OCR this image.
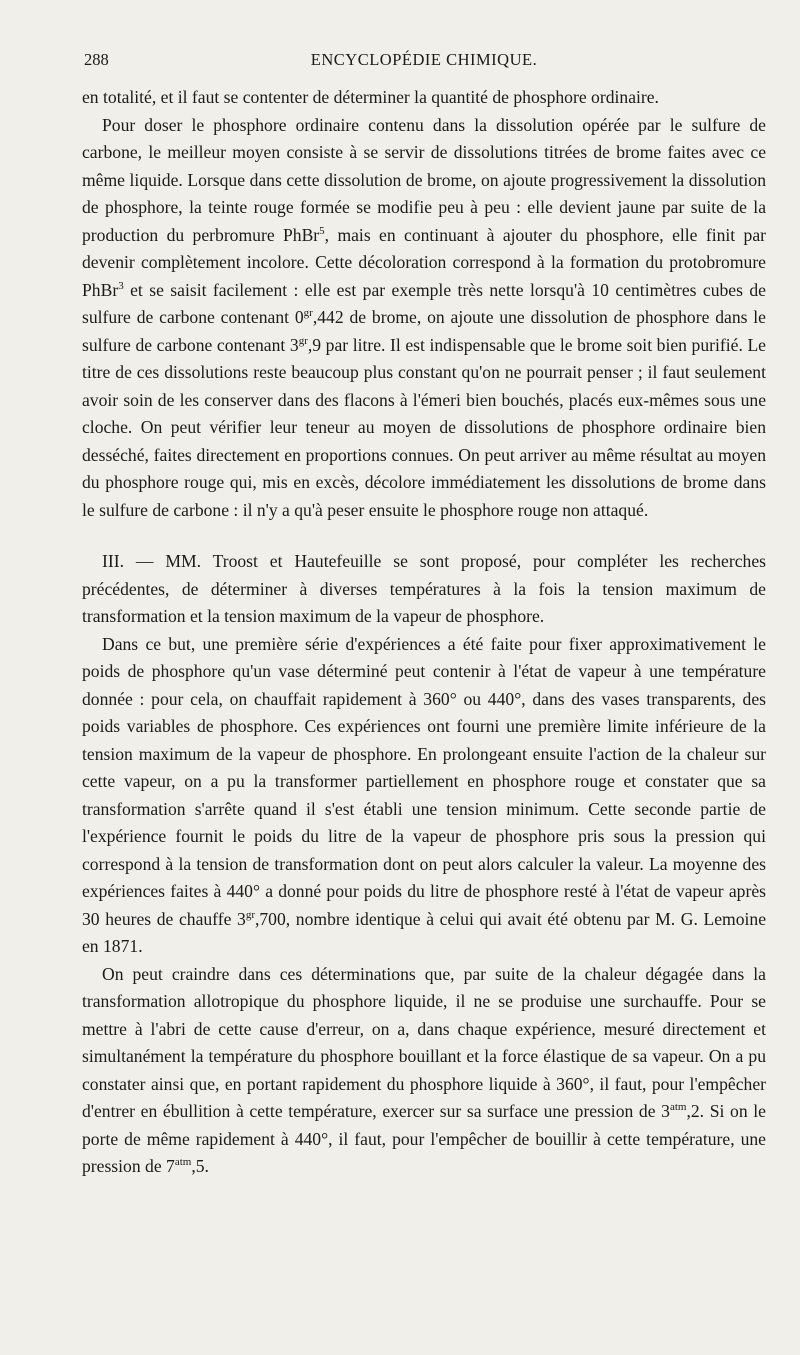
288	ENCYCLOPÉDIE CHIMIQUE.

en totalité, et il faut se contenter de déterminer la quantité de phosphore ordinaire.

Pour doser le phosphore ordinaire contenu dans la dissolution opérée par le sulfure de carbone, le meilleur moyen consiste à se servir de dissolutions titrées de brome faites avec ce même liquide. Lorsque dans cette dissolution de brome, on ajoute progressivement la dissolution de phosphore, la teinte rouge formée se modifie peu à peu : elle devient jaune par suite de la production du perbromure PhBr$^5$, mais en continuant à ajouter du phosphore, elle finit par devenir complètement incolore. Cette décoloration correspond à la formation du protobromure PhBr$^3$ et se saisit facilement : elle est par exemple très nette lorsqu'à 10 centimètres cubes de sulfure de carbone contenant $0^{gr},442$ de brome, on ajoute une dissolution de phosphore dans le sulfure de carbone contenant $3^{gr},9$ par litre. Il est indispensable que le brome soit bien purifié. Le titre de ces dissolutions reste beaucoup plus constant qu'on ne pourrait penser ; il faut seulement avoir soin de les conserver dans des flacons à l'émeri bien bouchés, placés eux-mêmes sous une cloche. On peut vérifier leur teneur au moyen de dissolutions de phosphore ordinaire bien desséché, faites directement en proportions connues. On peut arriver au même résultat au moyen du phosphore rouge qui, mis en excès, décolore immédiatement les dissolutions de brome dans le sulfure de carbone : il n'y a qu'à peser ensuite le phosphore rouge non attaqué.

III. — MM. Troost et Hautefeuille se sont proposé, pour compléter les recherches précédentes, de déterminer à diverses températures à la fois la tension maximum de transformation et la tension maximum de la vapeur de phosphore.

Dans ce but, une première série d'expériences a été faite pour fixer approximativement le poids de phosphore qu'un vase déterminé peut contenir à l'état de vapeur à une température donnée : pour cela, on chauffait rapidement à 360° ou 440°, dans des vases transparents, des poids variables de phosphore. Ces expériences ont fourni une première limite inférieure de la tension maximum de la vapeur de phosphore. En prolongeant ensuite l'action de la chaleur sur cette vapeur, on a pu la transformer partiellement en phosphore rouge et constater que sa transformation s'arrête quand il s'est établi une tension minimum. Cette seconde partie de l'expérience fournit le poids du litre de la vapeur de phosphore pris sous la pression qui correspond à la tension de transformation dont on peut alors calculer la valeur. La moyenne des expériences faites à 440° a donné pour poids du litre de phosphore resté à l'état de vapeur après 30 heures de chauffe $3^{gr},700$, nombre identique à celui qui avait été obtenu par M. G. Lemoine en 1871.

On peut craindre dans ces déterminations que, par suite de la chaleur dégagée dans la transformation allotropique du phosphore liquide, il ne se produise une surchauffe. Pour se mettre à l'abri de cette cause d'erreur, on a, dans chaque expérience, mesuré directement et simultanément la température du phosphore bouillant et la force élastique de sa vapeur. On a pu constater ainsi que, en portant rapidement du phosphore liquide à 360°, il faut, pour l'empêcher d'entrer en ébullition à cette température, exercer sur sa surface une pression de $3^{atm},2$. Si on le porte de même rapidement à 440°, il faut, pour l'empêcher de bouillir à cette température, une pression de $7^{atm},5$.
